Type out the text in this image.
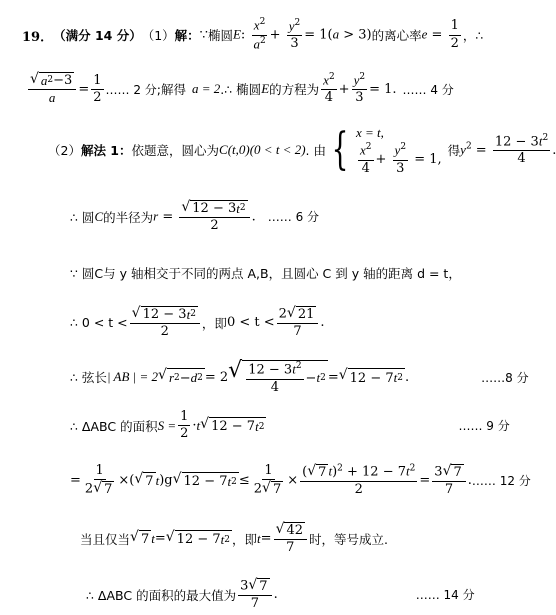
19． （满分 14 分） （1） 解： ∵ 椭圆 E: $\frac{x^2}{a^2} + \frac{y^2}{3} = 1(a > 3)$ 的离心率 $e = \frac{1}{2}$ ，∴
$\frac{√ a 2 -3}{a} = \frac{1}{2}$ …… 2 分 ;解得 a = 2 .∴ 椭圆 E 的方程为 $\frac{x^2}{4} + \frac{y^2}{3} = 1$. …… 4 分
（2） 解法 1： 依题意，圆心为 C(t,0)(0 < t < 2) . 由 { x = t,
$\frac{x^2}{4} + \frac{y^2}{3} = 1$,
得 $y^2 = \frac{12 - 3t^2}{4}$ .
∴ 圆 C 的半径为 $r = \frac{√ 12 - 3 t 2}{2}$ . …… 6 分
∵ 圆C与 y 轴相交于不同的两点 A,B，且圆心 C 到 y 轴的距离 d = t，
∴ $0 < t < \frac{√ 12 - 3 t 2}{2}$ ，即 $0 < t < \frac{2 √ 21}{7}$ .
∴ 弦长 | AB | = 2 √ r 2 − d 2 = 2 √ $\frac{12 - 3t^2}{4} - t$ 2 = √ 12 − 7 t 2 .	……8 分
∴ ΔABC 的面积 $S = \frac{1}{2} \cdot t$ √ 12 − 7 t 2	…… 9 分
= $\frac{1}{2 √ 7}$ ×( √ 7 t )g √ 12 − 7 t $2 \le \frac{1}{2 √ 7} \times \frac{( √ 7 t)^2 + 12 - 7t^2}{2} = \frac{3 √ 7}{7}$ . …… 12 分
当且仅当 √ 7 t = √ 12 − 7 t 2 ，即 $t = \frac{√ 42}{7}$ 时，等号成立.
∴ ΔABC 的面积的最大值为 $\frac{3 √ 7}{7}$ .	…… 14 分
